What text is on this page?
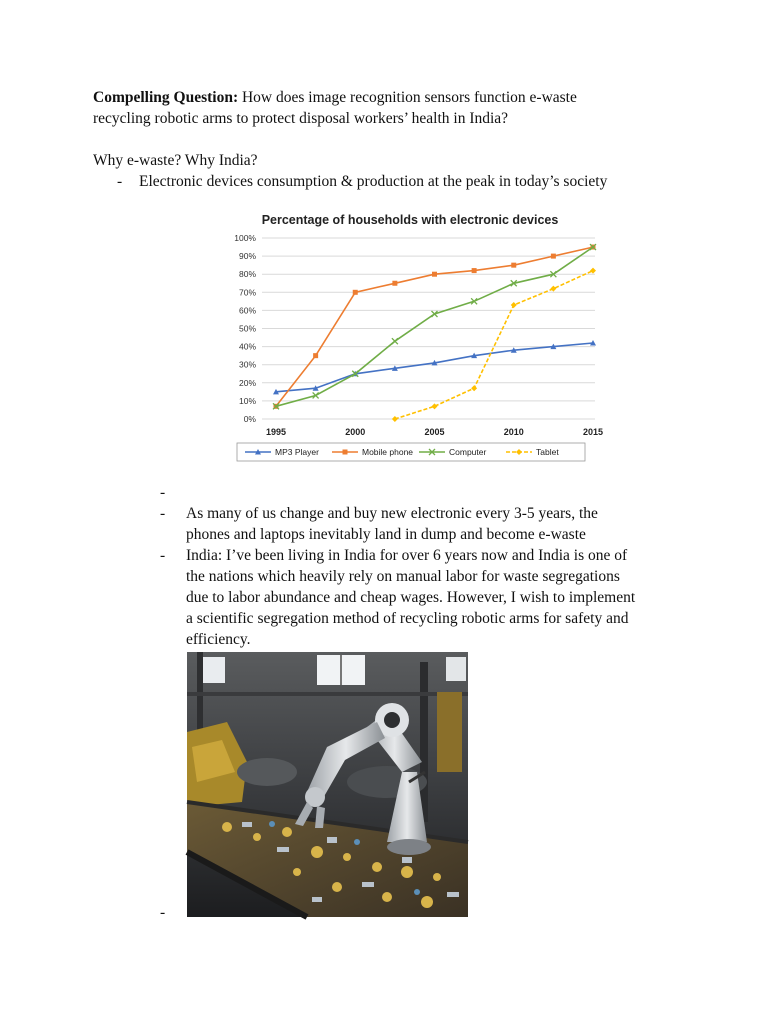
Compelling Question: How does image recognition sensors function e-waste
recycling robotic arms to protect disposal workers’ health in India?
Why e-waste? Why India?
- Electronic devices consumption & production at the peak in today’s society
Percentage of households with electronic devices
0%
10%
20%
30%
40%
50%
60%
70%
80%
90%
100%
1995	2000	2005	2010	2015
MP3 Player	Mobile phone	Computer	Tablet
-
- As many of us change and buy new electronic every 3-5 years, the
phones and laptops inevitably land in dump and become e-waste
- India: I’ve been living in India for over 6 years now and India is one of
the nations which heavily rely on manual labor for waste segregations
due to labor abundance and cheap wages. However, I wish to implement
a scientific segregation method of recycling robotic arms for safety and
efficiency.
-
